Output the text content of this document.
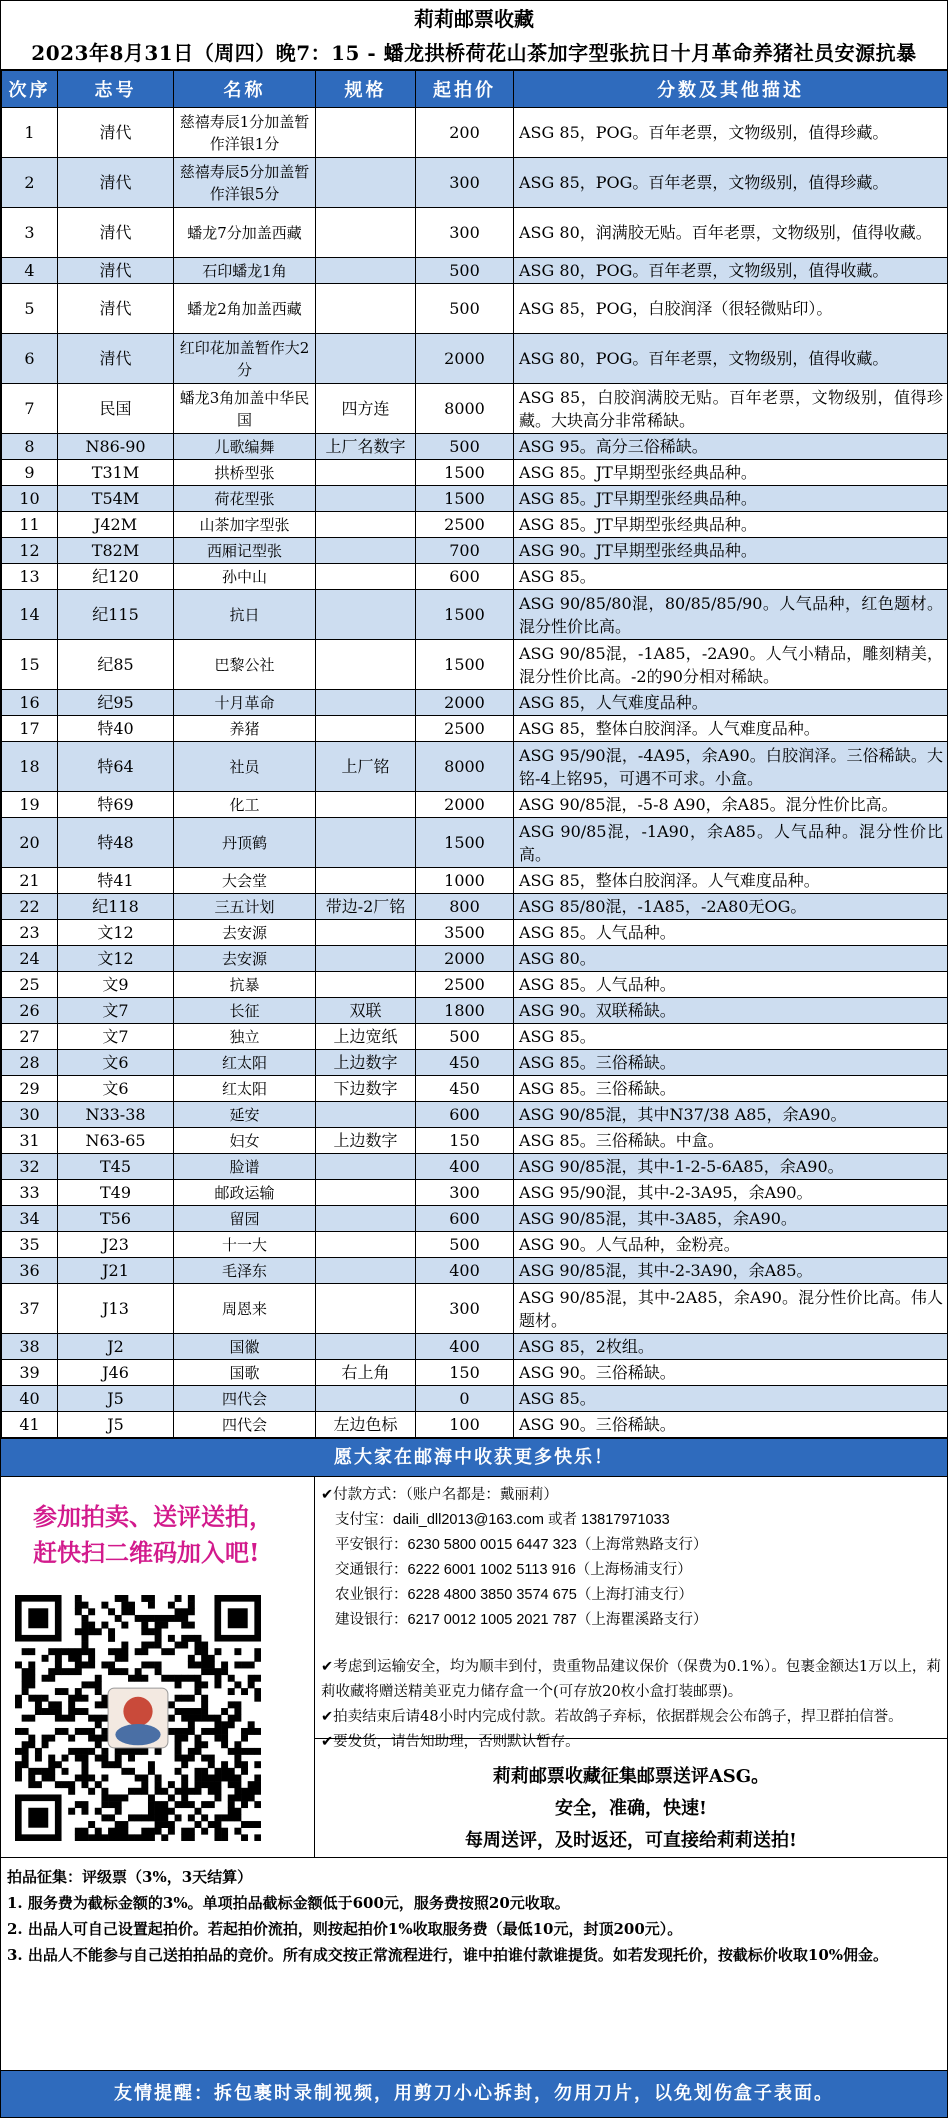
莉莉邮票收藏
2023年8月31日（周四）晚7：15 - 蟠龙拱桥荷花山茶加字型张抗日十月革命养猪社员安源抗暴
次序	志号	名称	规格	起拍价	分数及其他描述
1	清代	慈禧寿辰1分加盖暂作洋银1分		200	ASG 85，POG。百年老票，文物级别，值得珍藏。
2	清代	慈禧寿辰5分加盖暂作洋银5分		300	ASG 85，POG。百年老票，文物级别，值得珍藏。
3	清代	蟠龙7分加盖西藏		300	ASG 80，润满胶无贴。百年老票，文物级别，值得收藏。
4	清代	石印蟠龙1角		500	ASG 80，POG。百年老票，文物级别，值得收藏。
5	清代	蟠龙2角加盖西藏		500	ASG 85，POG，白胶润泽（很轻微贴印）。
6	清代	红印花加盖暂作大2分		2000	ASG 80，POG。百年老票，文物级别，值得收藏。
7	民国	蟠龙3角加盖中华民国	四方连	8000	ASG 85，白胶润满胶无贴。百年老票，文物级别，值得珍藏。大块高分非常稀缺。
8	N86-90	儿歌编舞	上厂名数字	500	ASG 95。高分三俗稀缺。
9	T31M	拱桥型张		1500	ASG 85。JT早期型张经典品种。
10	T54M	荷花型张		1500	ASG 85。JT早期型张经典品种。
11	J42M	山茶加字型张		2500	ASG 85。JT早期型张经典品种。
12	T82M	西厢记型张		700	ASG 90。JT早期型张经典品种。
13	纪120	孙中山		600	ASG 85。
14	纪115	抗日		1500	ASG 90/85/80混，80/85/85/90。人气品种，红色题材。混分性价比高。
15	纪85	巴黎公社		1500	ASG 90/85混，-1A85，-2A90。人气小精品，雕刻精美，混分性价比高。-2的90分相对稀缺。
16	纪95	十月革命		2000	ASG 85，人气难度品种。
17	特40	养猪		2500	ASG 85，整体白胶润泽。人气难度品种。
18	特64	社员	上厂铭	8000	ASG 95/90混，-4A95，余A90。白胶润泽。三俗稀缺。大铭-4上铭95，可遇不可求。小盒。
19	特69	化工		2000	ASG 90/85混，-5-8 A90，余A85。混分性价比高。
20	特48	丹顶鹤		1500	ASG 90/85混，-1A90，余A85。人气品种。混分性价比高。
21	特41	大会堂		1000	ASG 85，整体白胶润泽。人气难度品种。
22	纪118	三五计划	带边-2厂铭	800	ASG 85/80混，-1A85，-2A80无OG。
23	文12	去安源		3500	ASG 85。人气品种。
24	文12	去安源		2000	ASG 80。
25	文9	抗暴		2500	ASG 85。人气品种。
26	文7	长征	双联	1800	ASG 90。双联稀缺。
27	文7	独立	上边宽纸	500	ASG 85。
28	文6	红太阳	上边数字	450	ASG 85。三俗稀缺。
29	文6	红太阳	下边数字	450	ASG 85。三俗稀缺。
30	N33-38	延安		600	ASG 90/85混，其中N37/38 A85，余A90。
31	N63-65	妇女	上边数字	150	ASG 85。三俗稀缺。中盒。
32	T45	脸谱		400	ASG 90/85混，其中-1-2-5-6A85，余A90。
33	T49	邮政运输		300	ASG 95/90混，其中-2-3A95，余A90。
34	T56	留园		600	ASG 90/85混，其中-3A85，余A90。
35	J23	十一大		500	ASG 90。人气品种，金粉亮。
36	J21	毛泽东		400	ASG 90/85混，其中-2-3A90，余A85。
37	J13	周恩来		300	ASG 90/85混，其中-2A85，余A90。混分性价比高。伟人题材。
38	J2	国徽		400	ASG 85，2枚组。
39	J46	国歌	右上角	150	ASG 90。三俗稀缺。
40	J5	四代会		0	ASG 85。
41	J5	四代会	左边色标	100	ASG 90。三俗稀缺。
愿大家在邮海中收获更多快乐！
参加拍卖、送评送拍，
赶快扫二维码加入吧!
✔付款方式：（账户名都是：戴丽莉）
支付宝：daili_dll2013@163.com 或者 13817971033
平安银行：6230 5800 0015 6447 323（上海常熟路支行）
交通银行：6222 6001 1002 5113 916（上海杨浦支行）
农业银行：6228 4800 3850 3574 675（上海打浦支行）
建设银行：6217 0012 1005 2021 787（上海瞿溪路支行）
✔考虑到运输安全，均为顺丰到付，贵重物品建议保价（保费为0.1%）。包裹金额达1万以上，莉莉收藏将赠送精美亚克力储存盒一个(可存放20枚小盒打装邮票)。
✔拍卖结束后请48小时内完成付款。若故鸽子弃标，依据群规会公布鸽子，捍卫群拍信誉。
✔要发货，请告知助理，否则默认暂存。
莉莉邮票收藏征集邮票送评ASG。
安全，准确，快速!
每周送评，及时返还，可直接给莉莉送拍!
拍品征集：评级票（3%，3天结算）
1. 服务费为截标金额的3%。单项拍品截标金额低于600元，服务费按照20元收取。
2. 出品人可自己设置起拍价。若起拍价流拍，则按起拍价1%收取服务费（最低10元，封顶200元）。
3. 出品人不能参与自己送拍拍品的竞价。所有成交按正常流程进行，谁中拍谁付款谁提货。如若发现托价，按截标价收取10%佣金。
友情提醒：拆包裹时录制视频，用剪刀小心拆封，勿用刀片，以免划伤盒子表面。
